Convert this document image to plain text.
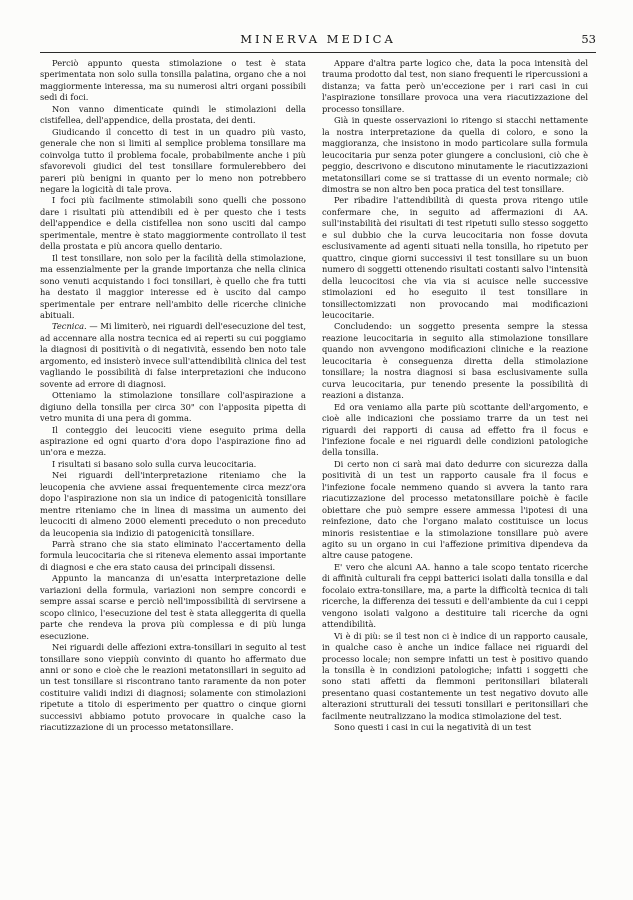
MINERVA MEDICA	53

Perciò appunto questa stimolazione o test è stata sperimentata non solo sulla tonsilla palatina, organo che a noi maggiormente interessa, ma su numerosi altri organi possibili sedi di foci.

Non vanno dimenticate quindi le stimolazioni della cistifellea, dell'appendice, della prostata, dei denti.

Giudicando il concetto di test in un quadro più vasto, generale che non si limiti al semplice problema tonsillare ma coinvolga tutto il problema focale, probabilmente anche i più sfavorevoli giudici del test tonsillare formulerebbero dei pareri più benigni in quanto per lo meno non potrebbero negare la logicità di tale prova.

I foci più facilmente stimolabili sono quelli che possono dare i risultati più attendibili ed è per questo che i tests dell'appendice e della cistifellea non sono usciti dal campo sperimentale, mentre è stato maggiormente controllato il test della prostata e più ancora quello dentario.

Il test tonsillare, non solo per la facilità della stimolazione, ma essenzialmente per la grande importanza che nella clinica sono venuti acquistando i foci tonsillari, è quello che fra tutti ha destato il maggior interesse ed è uscito dal campo sperimentale per entrare nell'ambito delle ricerche cliniche abituali.

Tecnica. — Mi limiterò, nei riguardi dell'esecuzione del test, ad accennare alla nostra tecnica ed ai reperti su cui poggiamo la diagnosi di positività o di negatività, essendo ben noto tale argomento, ed insisterò invece sull'attendibilità clinica del test vagliando le possibilità di false interpretazioni che inducono sovente ad errore di diagnosi.

Otteniamo la stimolazione tonsillare coll'aspirazione a digiuno della tonsilla per circa 30" con l'apposita pipetta di vetro munita di una pera di gomma.

Il conteggio dei leucociti viene eseguito prima della aspirazione ed ogni quarto d'ora dopo l'aspirazione fino ad un'ora e mezza.

I risultati si basano solo sulla curva leucocitaria.

Nei riguardi dell'interpretazione riteniamo che la leucopenia che avviene assai frequentemente circa mezz'ora dopo l'aspirazione non sia un indice di patogenicità tonsillare mentre riteniamo che in linea di massima un aumento dei leucociti di almeno 2000 elementi preceduto o non preceduto da leucopenia sia indizio di patogenicità tonsillare.

Parrà strano che sia stato eliminato l'accertamento della formula leucocitaria che si riteneva elemento assai importante di diagnosi e che era stato causa dei principali dissensi.

Appunto la mancanza di un'esatta interpretazione delle variazioni della formula, variazioni non sempre concordi e sempre assai scarse e perciò nell'impossibilità di servirsene a scopo clinico, l'esecuzione del test è stata alleggerita di quella parte che rendeva la prova più complessa e di più lunga esecuzione.

Nei riguardi delle affezioni extra-tonsillari in seguito al test tonsillare sono vieppiù convinto di quanto ho affermato due anni or sono e cioè che le reazioni metatonsillari in seguito ad un test tonsillare si riscontrano tanto raramente da non poter costituire validi indizi di diagnosi; solamente con stimolazioni ripetute a titolo di esperimento per quattro o cinque giorni successivi abbiamo potuto provocare in qualche caso la riacutizzazione di un processo metatonsillare.

Appare d'altra parte logico che, data la poca intensità del trauma prodotto dal test, non siano frequenti le ripercussioni a distanza; va fatta però un'eccezione per i rari casi in cui l'aspirazione tonsillare provoca una vera riacutizzazione del processo tonsillare.

Già in queste osservazioni io ritengo si stacchi nettamente la nostra interpretazione da quella di coloro, e sono la maggioranza, che insistono in modo particolare sulla formula leucocitaria pur senza poter giungere a conclusioni, ciò che è peggio, descrivono e discutono minutamente le riacutizzazioni metatonsillari come se si trattasse di un evento normale; ciò dimostra se non altro ben poca pratica del test tonsillare.

Per ribadire l'attendibilità di questa prova ritengo utile confermare che, in seguito ad affermazioni di AA. sull'instabilità dei risultati di test ripetuti sullo stesso soggetto e sul dubbio che la curva leucocitaria non fosse dovuta esclusivamente ad agenti situati nella tonsilla, ho ripetuto per quattro, cinque giorni successivi il test tonsillare su un buon numero di soggetti ottenendo risultati costanti salvo l'intensità della leucocitosi che via via si acuisce nelle successive stimolazioni ed ho eseguito il test tonsillare in tonsillectomizzati non provocando mai modificazioni leucocitarie.

Concludendo: un soggetto presenta sempre la stessa reazione leucocitaria in seguito alla stimolazione tonsillare quando non avvengono modificazioni cliniche e la reazione leucocitaria è conseguenza diretta della stimolazione tonsillare; la nostra diagnosi si basa esclusivamente sulla curva leucocitaria, pur tenendo presente la possibilità di reazioni a distanza.

Ed ora veniamo alla parte più scottante dell'argomento, e cioè alle indicazioni che possiamo trarre da un test nei riguardi dei rapporti di causa ad effetto fra il focus e l'infezione focale e nei riguardi delle condizioni patologiche della tonsilla.

Di certo non ci sarà mai dato dedurre con sicurezza dalla positività di un test un rapporto causale fra il focus e l'infezione focale nemmeno quando si avvera la tanto rara riacutizzazione del processo metatonsillare poichè è facile obiettare che può sempre essere ammessa l'ipotesi di una reinfezione, dato che l'organo malato costituisce un locus minoris resistentiae e la stimolazione tonsillare può avere agito su un organo in cui l'affezione primitiva dipendeva da altre cause patogene.

E' vero che alcuni AA. hanno a tale scopo tentato ricerche di affinità culturali fra ceppi batterici isolati dalla tonsilla e dal focolaio extra-tonsillare, ma, a parte la difficoltà tecnica di tali ricerche, la differenza dei tessuti e dell'ambiente da cui i ceppi vengono isolati valgono a destituire tali ricerche da ogni attendibilità.

Vi è di più: se il test non ci è indice di un rapporto causale, in qualche caso è anche un indice fallace nei riguardi del processo locale; non sempre infatti un test è positivo quando la tonsilla è in condizioni patologiche; infatti i soggetti che sono stati affetti da flemmoni peritonsillari bilaterali presentano quasi costantemente un test negativo dovuto alle alterazioni strutturali dei tessuti tonsillari e peritonsillari che facilmente neutralizzano la modica stimolazione del test.

Sono questi i casi in cui la negatività di un test
